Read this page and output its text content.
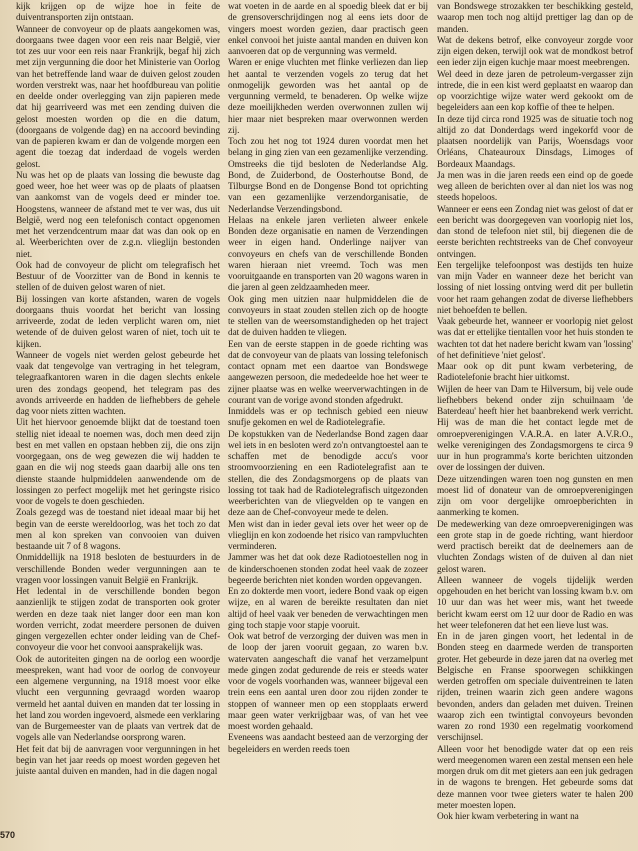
kijk krijgen op de wijze hoe in feite de duiventransporten zijn ontstaan.

Wanneer de convoyeur op de plaats aangekomen was, doorgaans twee dagen voor een reis naar België, vier tot zes uur voor een reis naar Frankrijk, begaf hij zich met zijn vergunning die door het Ministerie van Oorlog van het betreffende land waar de duiven gelost zouden worden verstrekt was, naar het hoofdbureau van politie en deelde onder overlegging van zijn papieren mede dat hij gearriveerd was met een zending duiven die gelost moesten worden op die en die datum, (doorgaans de volgende dag) en na accoord bevinding van de papieren kwam er dan de volgende morgen een agent die toezag dat inderdaad de vogels werden gelost.

Nu was het op de plaats van lossing die bewuste dag goed weer, hoe het weer was op de plaats of plaatsen van aankomst van de vogels deed er minder toe. Hoogstens, wanneer de afstand met te ver was, dus uit België, werd nog een telefonisch contact opgenomen met het verzendcentrum maar dat was dan ook op en al. Weerberichten over de z.g.n. vlieglijn bestonden niet.

Ook had de convoyeur de plicht om telegrafisch het Bestuur of de Voorzitter van de Bond in kennis te stellen of de duiven gelost waren of niet.

Bij lossingen van korte afstanden, waren de vogels doorgaans thuis voordat het bericht van lossing arriveerde, zodat de leden verplicht waren om, niet wetende of de duiven gelost waren of niet, toch uit te kijken.

Wanneer de vogels niet werden gelost gebeurde het vaak dat tengevolge van vertraging in het telegram, telegraafkantoren waren in die dagen slechts enkele uren des zondags geopend, het telegram pas des avonds arriveerde en hadden de liefhebbers de gehele dag voor niets zitten wachten.

Uit het hiervoor genoemde blijkt dat de toestand toen stellig niet ideaal te noemen was, doch men deed zijn best en met vallen en opstaan hebben zij, die ons zijn voorgegaan, ons de weg gewezen die wij hadden te gaan en die wij nog steeds gaan daarbij alle ons ten dienste staande hulpmiddelen aanwendende om de lossingen zo perfect mogelijk met het geringste risico voor de vogels te doen geschieden.

Zoals gezegd was de toestand niet ideaal maar bij het begin van de eerste wereldoorlog, was het toch zo dat men al kon spreken van convooien van duiven bestaande uit 7 of 8 wagons.

Onmiddellijk na 1918 besloten de bestuurders in de verschillende Bonden weder vergunningen aan te vragen voor lossingen vanuit België en Frankrijk.

Het ledental in de verschillende bonden begon aanzienlijk te stijgen zodat de transporten ook groter werden en deze taak niet langer door een man kon worden verricht, zodat meerdere personen de duiven gingen vergezellen echter onder leiding van de Chef-convoyeur die voor het convooi aansprakelijk was.

Ook de autoriteiten gingen na de oorlog een woordje meespreken, want had voor de oorlog de convoyeur een algemene vergunning, na 1918 moest voor elke vlucht een vergunning gevraagd worden waarop vermeld het aantal duiven en manden dat ter lossing in het land zou worden ingevoerd, alsmede een verklaring van de Burgemeester van de plaats van vertrek dat de vogels alle van Nederlandse oorsprong waren.

Het feit dat bij de aanvragen voor vergunningen in het begin van het jaar reeds op moest worden gegeven het juiste aantal duiven en manden, had in die dagen nogal

wat voeten in de aarde en al spoedig bleek dat er bij de grensoverschrijdingen nog al eens iets door de vingers moest worden gezien, daar practisch geen enkel convooi het juiste aantal manden en duiven kon aanvoeren dat op de vergunning was vermeld.

Waren er enige vluchten met flinke verliezen dan liep het aantal te verzenden vogels zo terug dat het onmogelijk geworden was het aantal op de vergunning vermeld, te benaderen. Op welke wijze deze moeilijkheden werden overwonnen zullen wij hier maar niet bespreken maar overwonnen werden zij.

Toch zou het nog tot 1924 duren voordat men het belang in ging zien van een gezamenlijke verzending. Omstreeks die tijd besloten de Nederlandse Alg. Bond, de Zuiderbond, de Oosterhoutse Bond, de Tilburgse Bond en de Dongense Bond tot oprichting van een gezamenlijke verzendorganisatie, de Nederlandse Verzendingsbond.

Helaas na enkele jaren verlieten alweer enkele Bonden deze organisatie en namen de Verzendingen weer in eigen hand. Onderlinge naijver van convoyeurs en chefs van de verschillende Bonden waren hieraan niet vreemd. Toch was men vooruitgaande en transporten van 20 wagons waren in die jaren al geen zeldzaamheden meer.

Ook ging men uitzien naar hulpmiddelen die de convoyeurs in staat zouden stellen zich op de hoogte te stellen van de weersomstandigheden op het traject dat de duiven hadden te vliegen.

Een van de eerste stappen in de goede richting was dat de convoyeur van de plaats van lossing telefonisch contact opnam met een daartoe van Bondswege aangewezen persoon, die mededeelde hoe het weer te zijner plaatse was en welke weerverwachtingen in de courant van de vorige avond stonden afgedrukt.

Inmiddels was er op technisch gebied een nieuw snufje gekomen en wel de Radiotelegrafie.

De kopstukken van de Nederlandse Bond zagen daar wel iets in en besloten werd zo'n ontvangtoestel aan te schaffen met de benodigde accu's voor stroomvoorziening en een Radiotelegrafist aan te stellen, die des Zondagsmorgens op de plaats van lossing tot taak had de Radiotelegrafisch uitgezonden weerberichten van de vliegvelden op te vangen en deze aan de Chef-convoyeur mede te delen.

Men wist dan in ieder geval iets over het weer op de vlieglijn en kon zodoende het risico van rampvluchten verminderen.

Jammer was het dat ook deze Radiotoestellen nog in de kinderschoenen stonden zodat heel vaak de zozeer begeerde berichten niet konden worden opgevangen.

En zo dokterde men voort, iedere Bond vaak op eigen wijze, en al waren de bereikte resultaten dan niet altijd of heel vaak ver beneden de verwachtingen men ging toch stapje voor stapje vooruit.

Ook wat betrof de verzorging der duiven was men in de loop der jaren vooruit gegaan, zo waren b.v. watervaten aangeschaft die vanaf het verzamelpunt mede gingen zodat gedurende de reis er steeds water voor de vogels voorhanden was, wanneer bijgeval een trein eens een aantal uren door zou rijden zonder te stoppen of wanneer men op een stopplaats erwerd maar geen water verkrijgbaar was, of van het vee moest worden gehaald.

Eveneens was aandacht besteed aan de verzorging der begeleiders en werden reeds toen

van Bondswege strozakken ter beschikking gesteld, waarop men toch nog altijd prettiger lag dan op de manden.

Wat de dekens betrof, elke convoyeur zorgde voor zijn eigen deken, terwijl ook wat de mondkost betrof een ieder zijn eigen kuchje maar moest meebrengen.

Wel deed in deze jaren de petroleum-vergasser zijn intrede, die in een kist werd geplaatst en waarop dan op voorzichtige wijze water werd gekookt om de begeleiders aan een kop koffie of thee te helpen.

In deze tijd circa rond 1925 was de situatie toch nog altijd zo dat Donderdags werd ingekorfd voor de plaatsen noordelijk van Parijs, Woensdags voor Orléans, Chateauroux Dinsdags, Limoges of Bordeaux Maandags.

Ja men was in die jaren reeds een eind op de goede weg alleen de berichten over al dan niet los was nog steeds hopeloos.

Wanneer er eens een Zondag niet was gelost of dat er een bericht was doorgegeven van voorlopig niet los, dan stond de telefoon niet stil, bij diegenen die de eerste berichten rechtstreeks van de Chef convoyeur ontvingen.

Een tergelijke telefoonpost was destijds ten huize van mijn Vader en wanneer deze het bericht van lossing of niet lossing ontving werd dit per bulletin voor het raam gehangen zodat de diverse liefhebbers niet behoefden te bellen.

Vaak gebeurde het, wanneer er voorlopig niet gelost was dat er ettelijke tientallen voor het huis stonden te wachten tot dat het nadere bericht kwam van 'lossing' of het definitieve 'niet gelost'.

Maar ook op dit punt kwam verbetering, de Radiotelefonie bracht hier uitkomst.

Wijlen de heer van Dam te Hilversum, bij vele oude liefhebbers bekend onder zijn schuilnaam 'de Baterdeau' heeft hier het baanbrekend werk verricht. Hij was de man die het contact legde met de omroepverenigingen V.A.R.A. en later A.V.R.O., welke verenigingen des Zondagsmorgens te circa 9 uur in hun programma's korte berichten uitzonden over de lossingen der duiven.

Deze uitzendingen waren toen nog gunsten en men moest lid of donateur van de omroepverenigingen zijn om voor dergelijke omroepberichten in aanmerking te komen.

De medewerking van deze omroepverenigingen was een grote stap in de goede richting, want hierdoor werd practisch bereikt dat de deelnemers aan de vluchten Zondags wisten of de duiven al dan niet gelost waren.

Alleen wanneer de vogels tijdelijk werden opgehouden en het bericht van lossing kwam b.v. om 10 uur dan was het weer mis, want het tweede bericht kwam eerst om 12 uur door de Radio en was het weer telefoneren dat het een lieve lust was.

En in de jaren gingen voort, het ledental in de Bonden steeg en daarmede werden de transporten groter. Het gebeurde in deze jaren dat na overleg met Belgische en Franse spoorwegen schikkingen werden getroffen om speciale duiventreinen te laten rijden, treinen waarin zich geen andere wagons bevonden, anders dan geladen met duiven. Treinen waarop zich een twintigtal convoyeurs bevonden waren zo rond 1930 een regelmatig voorkomend verschijnsel.

Alleen voor het benodigde water dat op een reis werd meegenomen waren een zestal mensen een hele morgen druk om dit met gieters aan een juk gedragen in de wagons te brengen. Het gebeurde soms dat deze mannen voor twee gieters water te halen 200 meter moesten lopen.

Ook hier kwam verbetering in want na

570
